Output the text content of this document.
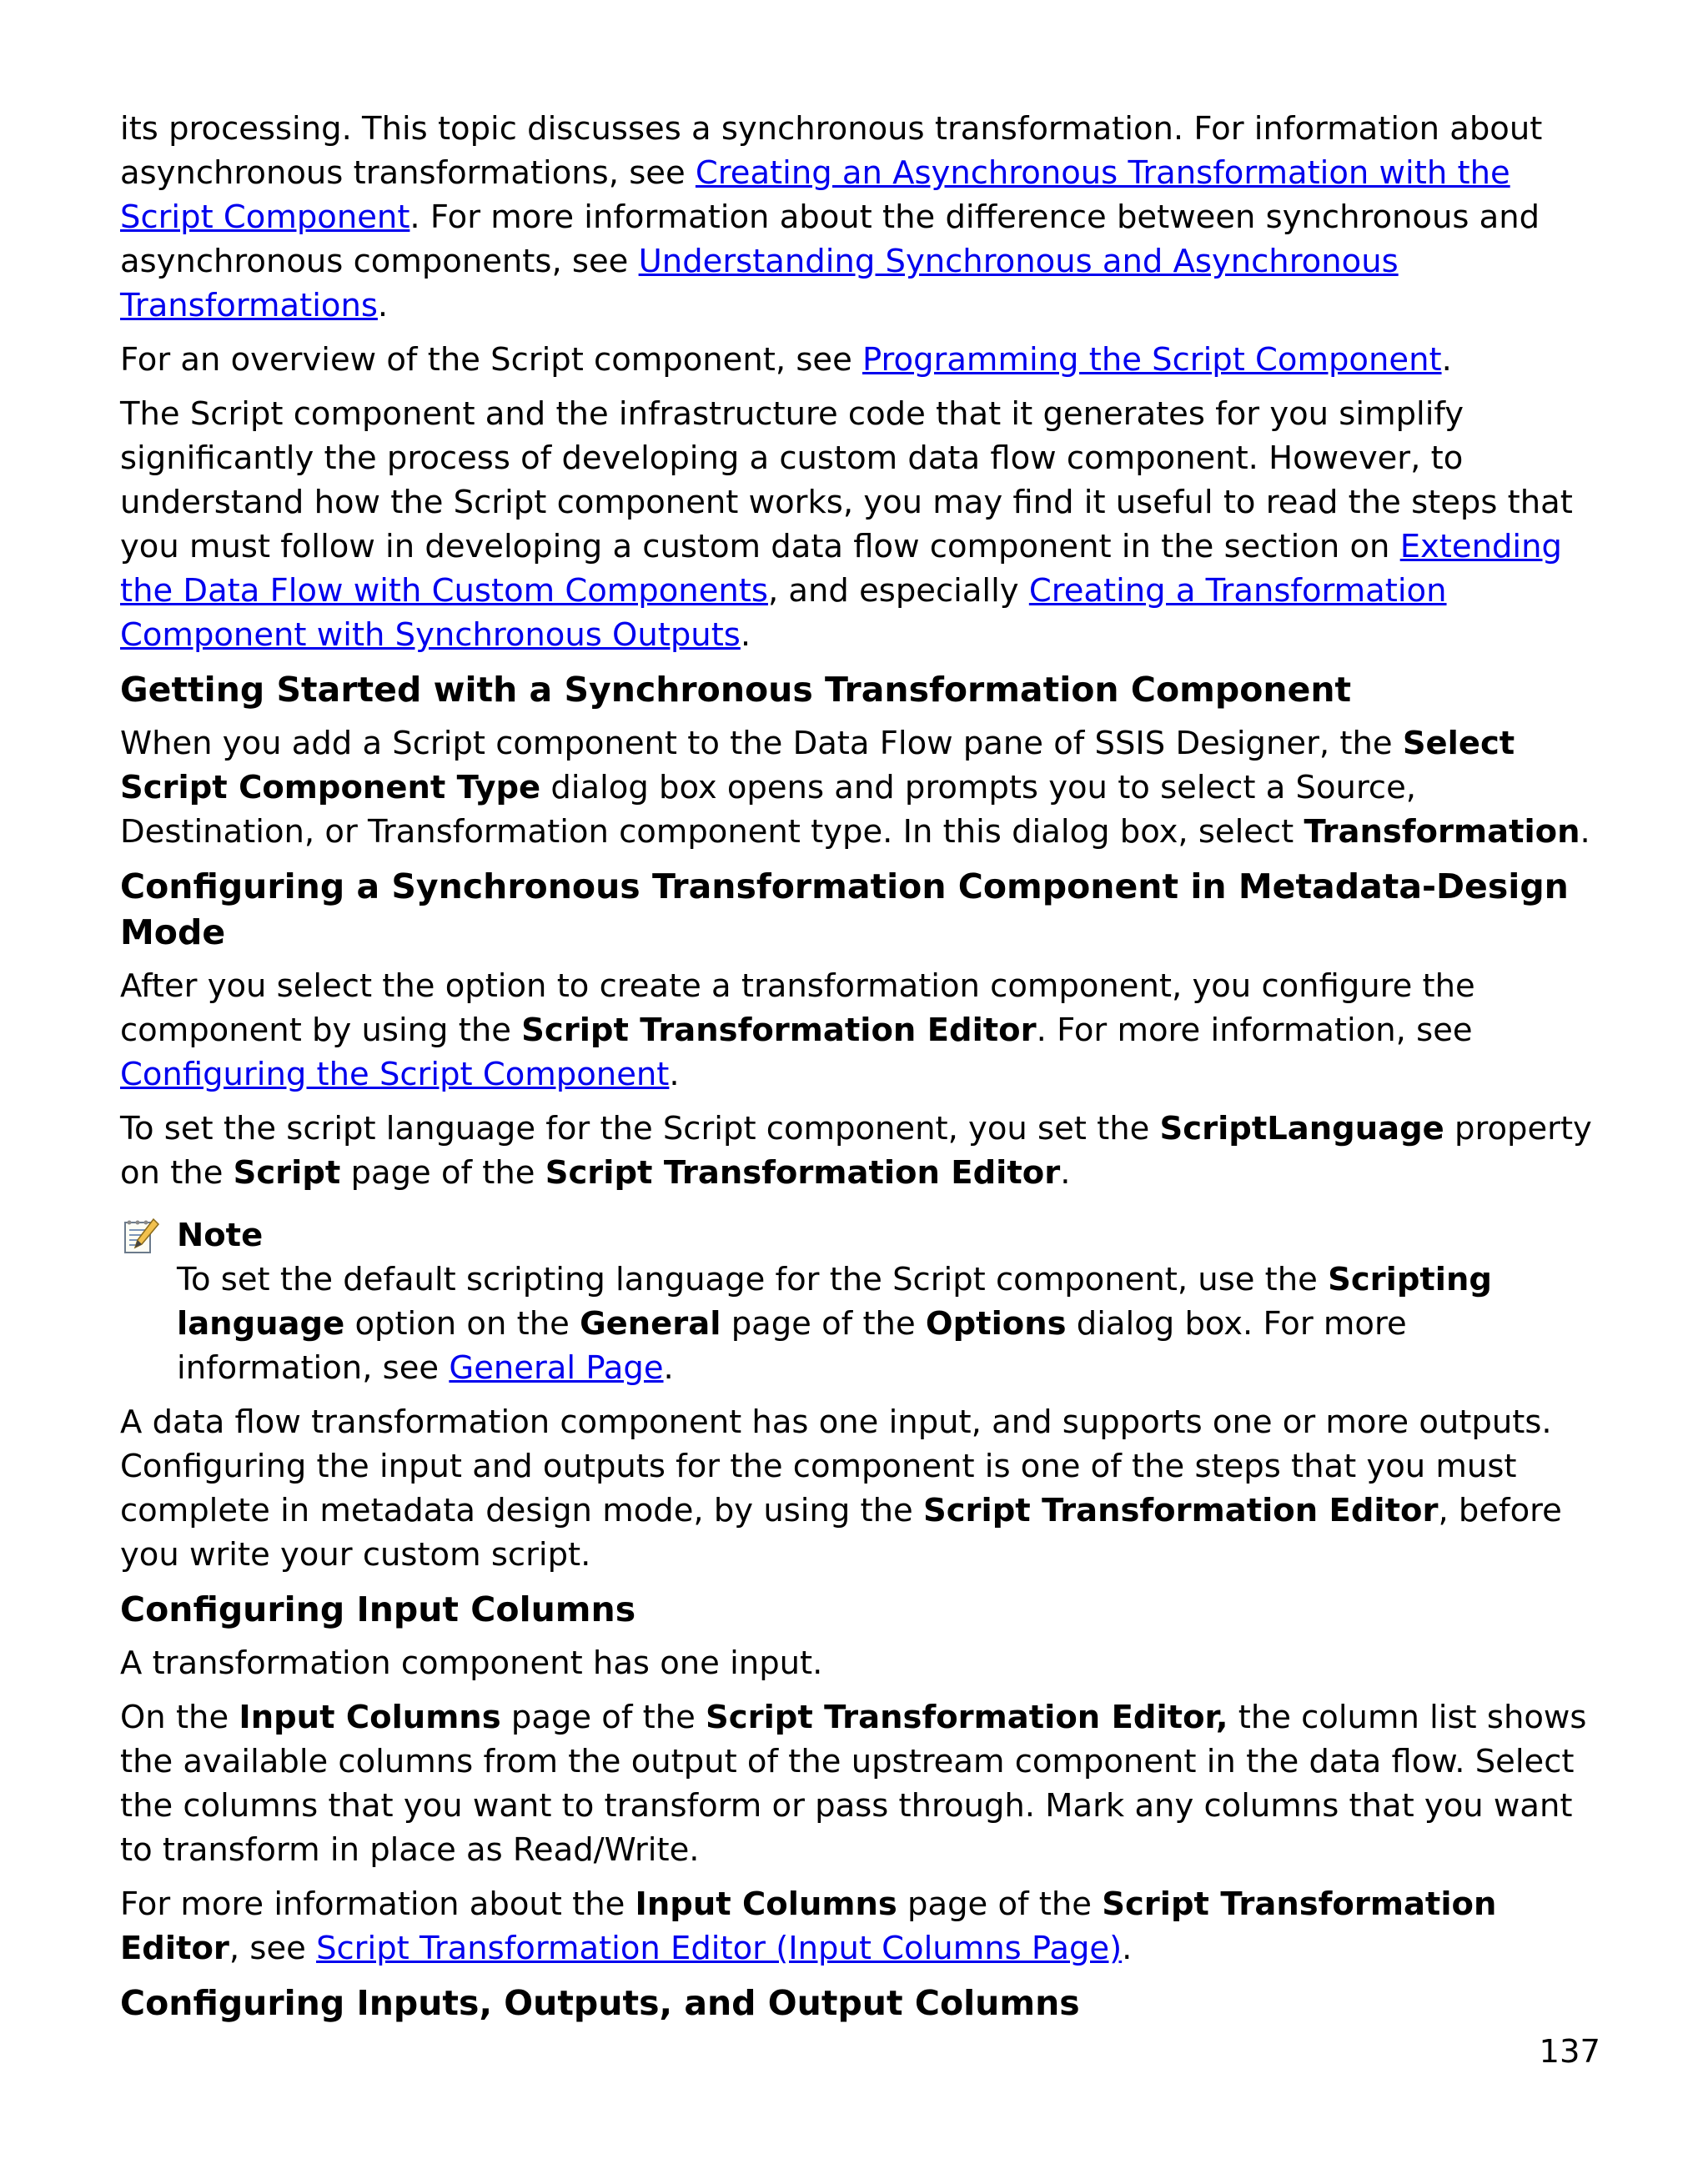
its processing. This topic discusses a synchronous transformation. For information about asynchronous transformations, see Creating an Asynchronous Transformation with the Script Component. For more information about the difference between synchronous and asynchronous components, see Understanding Synchronous and Asynchronous Transformations.

For an overview of the Script component, see Programming the Script Component.

The Script component and the infrastructure code that it generates for you simplify significantly the process of developing a custom data flow component. However, to understand how the Script component works, you may find it useful to read the steps that you must follow in developing a custom data flow component in the section on Extending the Data Flow with Custom Components, and especially Creating a Transformation Component with Synchronous Outputs.

Getting Started with a Synchronous Transformation Component

When you add a Script component to the Data Flow pane of SSIS Designer, the Select Script Component Type dialog box opens and prompts you to select a Source, Destination, or Transformation component type. In this dialog box, select Transformation.

Configuring a Synchronous Transformation Component in Metadata-Design Mode

After you select the option to create a transformation component, you configure the component by using the Script Transformation Editor. For more information, see Configuring the Script Component.

To set the script language for the Script component, you set the ScriptLanguage property on the Script page of the Script Transformation Editor.

Note
To set the default scripting language for the Script component, use the Scripting language option on the General page of the Options dialog box. For more information, see General Page.

A data flow transformation component has one input, and supports one or more outputs. Configuring the input and outputs for the component is one of the steps that you must complete in metadata design mode, by using the Script Transformation Editor, before you write your custom script.

Configuring Input Columns

A transformation component has one input.

On the Input Columns page of the Script Transformation Editor, the column list shows the available columns from the output of the upstream component in the data flow. Select the columns that you want to transform or pass through. Mark any columns that you want to transform in place as Read/Write.

For more information about the Input Columns page of the Script Transformation Editor, see Script Transformation Editor (Input Columns Page).

Configuring Inputs, Outputs, and Output Columns
137
